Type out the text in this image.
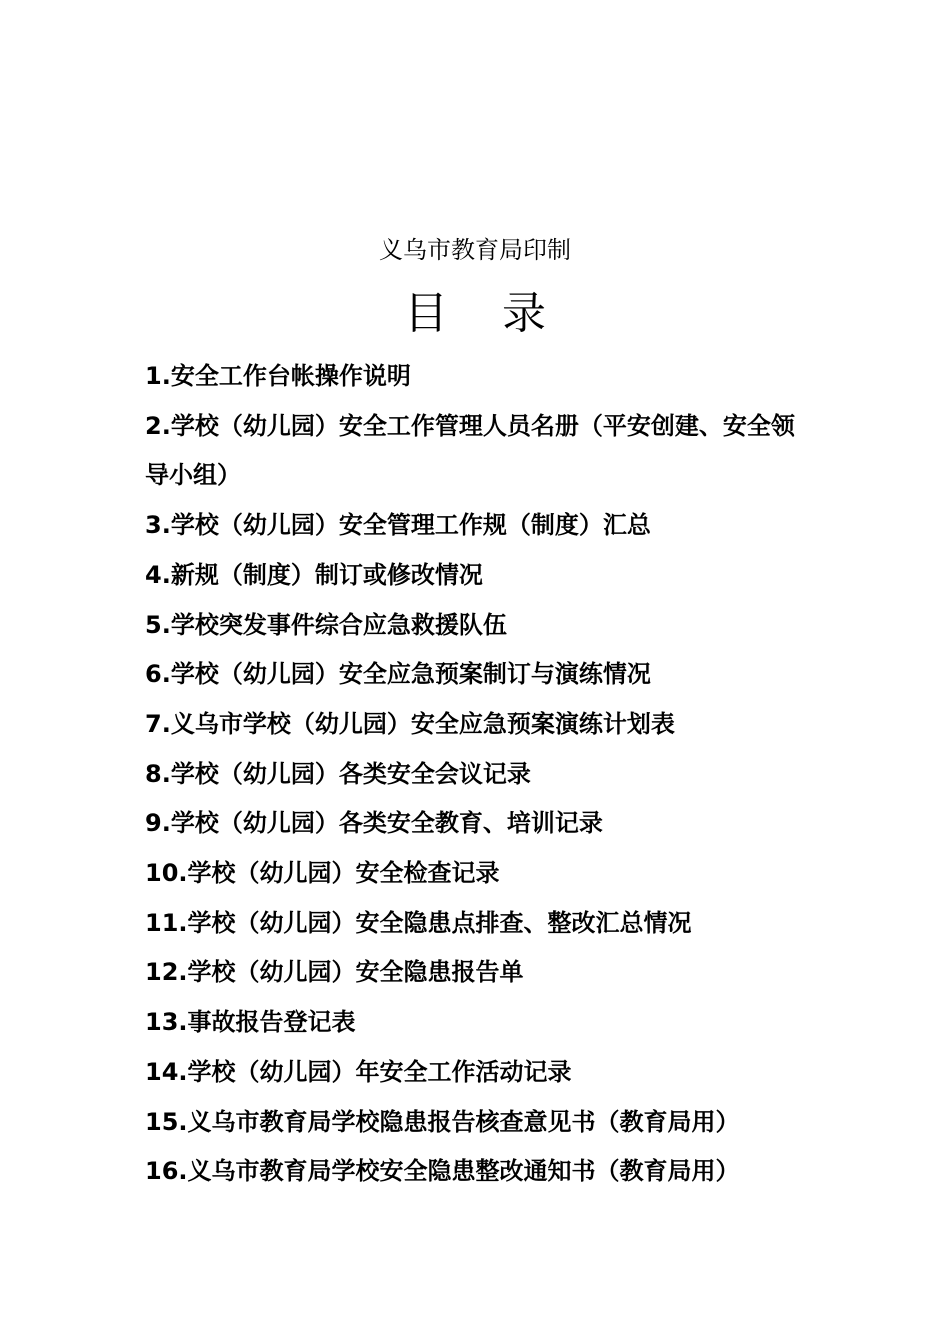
义乌市教育局印制
目 录
1.安全工作台帐操作说明
2.学校（幼儿园）安全工作管理人员名册（平安创建、安全领导小组）
3.学校（幼儿园）安全管理工作规（制度）汇总
4.新规（制度）制订或修改情况
5.学校突发事件综合应急救援队伍
6.学校（幼儿园）安全应急预案制订与演练情况
7.义乌市学校（幼儿园）安全应急预案演练计划表
8.学校（幼儿园）各类安全会议记录
9.学校（幼儿园）各类安全教育、培训记录
10.学校（幼儿园）安全检查记录
11.学校（幼儿园）安全隐患点排查、整改汇总情况
12.学校（幼儿园）安全隐患报告单
13.事故报告登记表
14.学校（幼儿园）年安全工作活动记录
15.义乌市教育局学校隐患报告核查意见书（教育局用）
16.义乌市教育局学校安全隐患整改通知书（教育局用）
